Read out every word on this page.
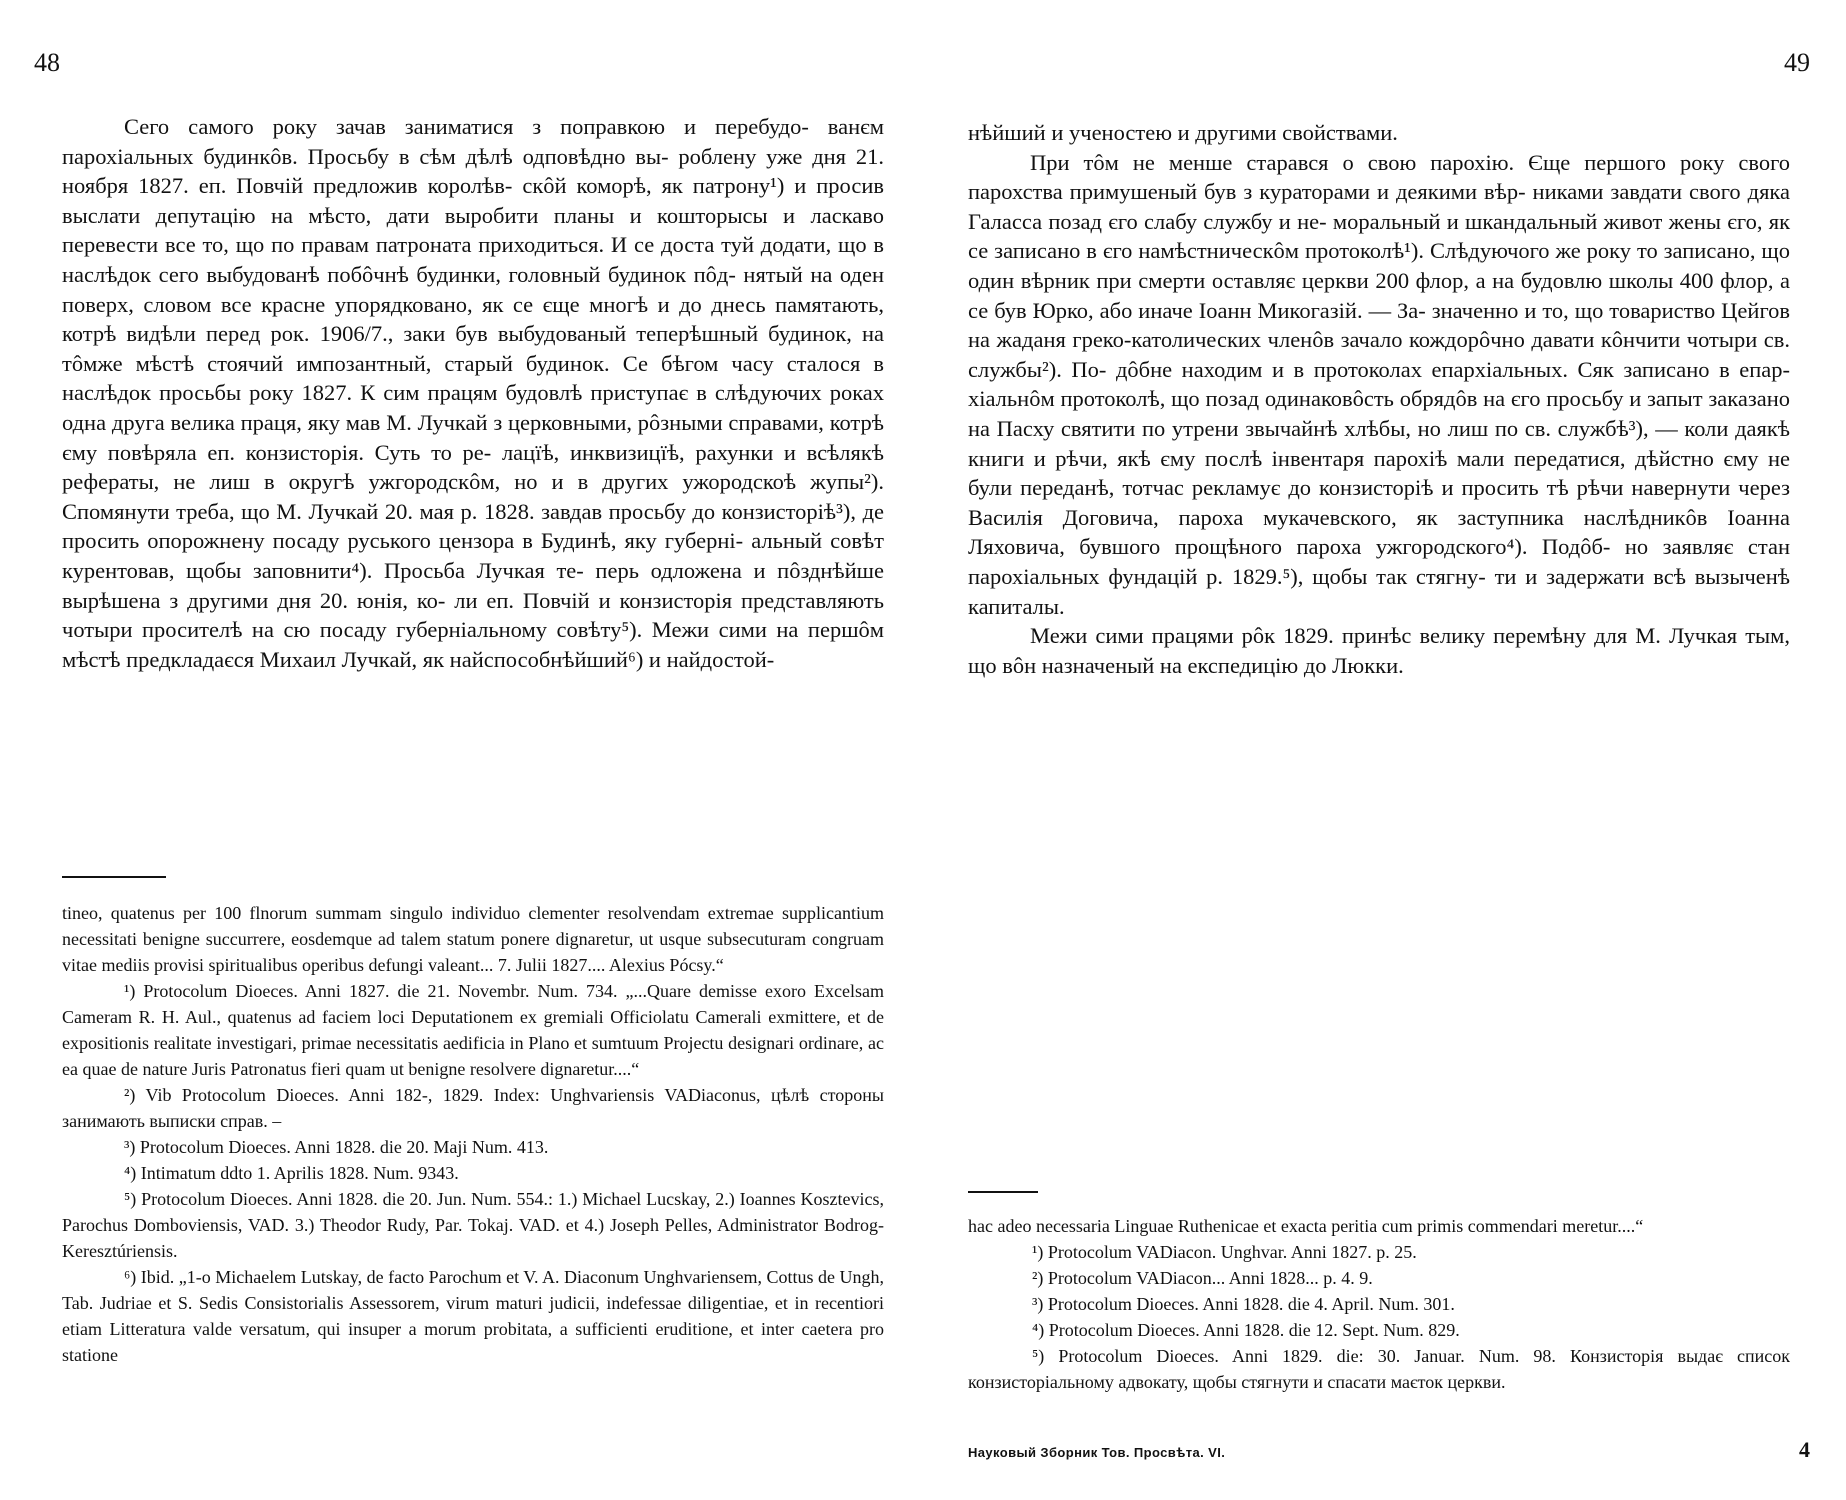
48

Сего самого року зачав заниматися з поправкою и перебудо- ванєм парохіальных будинкôв. Просьбу в сѣм дѣлѣ одповѣдно вы- роблену уже дня 21. ноября 1827. еп. Повчій предложив королѣв- скôй коморѣ, як патрону¹) и просив выслати депутацію на мѣсто, дати выробити планы и кошторысы и ласкаво перевести все то, що по правам патроната приходиться. И се доста туй додати, що в наслѣдок сего выбудованѣ побôчнѣ будинки, головный будинок пôд- нятый на оден поверх, словом все красне упорядковано, як се єще многѣ и до днесь памятають, котрѣ видѣли перед рок. 1906/7., заки був выбудованый теперѣшный будинок, на тôмже мѣстѣ стоячий импозантный, старый будинок. Се бѣгом часу сталося в наслѣдок просьбы року 1827. К сим працям будовлѣ приступає в слѣдуючих роках одна друга велика праця, яку мав М. Лучкай з церковными, рôзными справами, котрѣ єму повѣряла еп. конзисторія. Суть то ре- лацїѣ, инквизицїѣ, рахунки и всѣлякѣ рефераты, не лиш в округѣ ужгородскôм, но и в других ужородскоѣ жупы²). Спомянути треба, що М. Лучкай 20. мая р. 1828. завдав просьбу до конзисторіѣ³), де просить опорожнену посаду руського цензора в Будинѣ, яку губерні- альный совѣт курентовав, щобы заповнити⁴). Просьба Лучкая те- перь одложена и пôзднѣйше вырѣшена з другими дня 20. юнія, ко- ли еп. Повчій и конзисторія представляють чотыри просителѣ на сю посаду губерніальному совѣту⁵). Межи сими на першôм мѣстѣ предкладаєся Михаил Лучкай, як найспособнѣйший⁶) и найдостой-

tineo, quatenus per 100 flnorum summam singulo individuo clementer resolvendam extremae supplicantium necessitati benigne succurrere, eosdemque ad talem statum ponere dignaretur, ut usque subsecuturam congruam vitae mediis provisi spiritualibus operibus defungi valeant... 7. Julii 1827.... Alexius Pócsy.“

¹) Protocolum Dioeces. Anni 1827. die 21. Novembr. Num. 734. „...Quare demisse exoro Excelsam Cameram R. H. Aul., quatenus ad faciem loci Deputationem ex gremiali Officiolatu Camerali exmittere, et de expositionis realitate investigari, primae necessitatis aedificia in Plano et sumtuum Projectu designari ordinare, ac ea quae de nature Juris Patronatus fieri quam ut benigne resolvere dignaretur....“

²) Vib Protocolum Dioeces. Anni 182-, 1829. Index: Unghvariensis VADiaconus, цѣлѣ стороны занимають выписки справ. –

³) Protocolum Dioeces. Anni 1828. die 20. Maji Num. 413.

⁴) Intimatum ddto 1. Aprilis 1828. Num. 9343.

⁵) Protocolum Dioeces. Anni 1828. die 20. Jun. Num. 554.: 1.) Michael Lucskay, 2.) Ioannes Kosztevics, Parochus Domboviensis, VAD. 3.) Theodor Rudy, Par. Tokaj. VAD. et 4.) Joseph Pelles, Administrator Bodrog-Keresztúriensis.

⁶) Ibid. „1-o Michaelem Lutskay, de facto Parochum et V. A. Diaconum Unghvariensem, Cottus de Ungh, Tab. Judriae et S. Sedis Consistorialis Assessorem, virum maturi judicii, indefessae diligentiae, et in recentiori etiam Litteratura valde versatum, qui insuper a morum probitata, a sufficienti eruditione, et inter caetera pro statione

49

нѣйший и ученостею и другими свойствами.

При тôм не менше старався о свою парохію. Єще першого року свого парохства примушеный був з кураторами и деякими вѣр- никами завдати свого дяка Галасса позад єго слабу службу и не- моральный и шкандальный живот жены єго, як се записано в єго намѣстническôм протоколѣ¹). Слѣдуючого же року то записано, що один вѣрник при смерти оставляє церкви 200 флор, а на будовлю школы 400 флор, а се був Юрко, або иначе Іоанн Микогазій. — За- значенно и то, що товариство Цейгов на жаданя греко-католических членôв зачало кождорôчно давати кôнчити чотыри св. службы²). По- дôбне находим и в протоколах епархіальных. Сяк записано в епар- хіальнôм протоколѣ, що позад одинаковôсть обрядôв на єго просьбу и запыт заказано на Пасху святити по утрени звычайнѣ хлѣбы, но лиш по св. службѣ³), — коли даякѣ книги и рѣчи, якѣ єму послѣ інвентаря парохіѣ мали передатися, дѣйстно єму не були переданѣ, тотчас рекламує до конзисторіѣ и просить тѣ рѣчи навернути через Василія Договича, пароха мукачевского, як заступника наслѣдникôв Іоанна Ляховича, бувшого прощѣного пароха ужгородского⁴). Подôб- но заявляє стан парохіальных фундацій р. 1829.⁵), щобы так стягну- ти и задержати всѣ вызыченѣ капиталы.

Межи сими працями рôк 1829. принѣс велику перемѣну для М. Лучкая тым, що вôн назначеный на експедицію до Люкки.

hac adeo necessaria Linguae Ruthenicae et exacta peritia cum primis commendari meretur....“

¹) Protocolum VADiacon. Unghvar. Anni 1827. p. 25.

²) Protocolum VADiacon... Anni 1828... p. 4. 9.

³) Protocolum Dioeces. Anni 1828. die 4. April. Num. 301.

⁴) Protocolum Dioeces. Anni 1828. die 12. Sept. Num. 829.

⁵) Protocolum Dioeces. Anni 1829. die: 30. Januar. Num. 98. Конзисторія выдає список конзисторіальному адвокату, щобы стягнути и спасати маєток церкви.

Науковый Зборник Тов. Просвѣта. VI.	4
